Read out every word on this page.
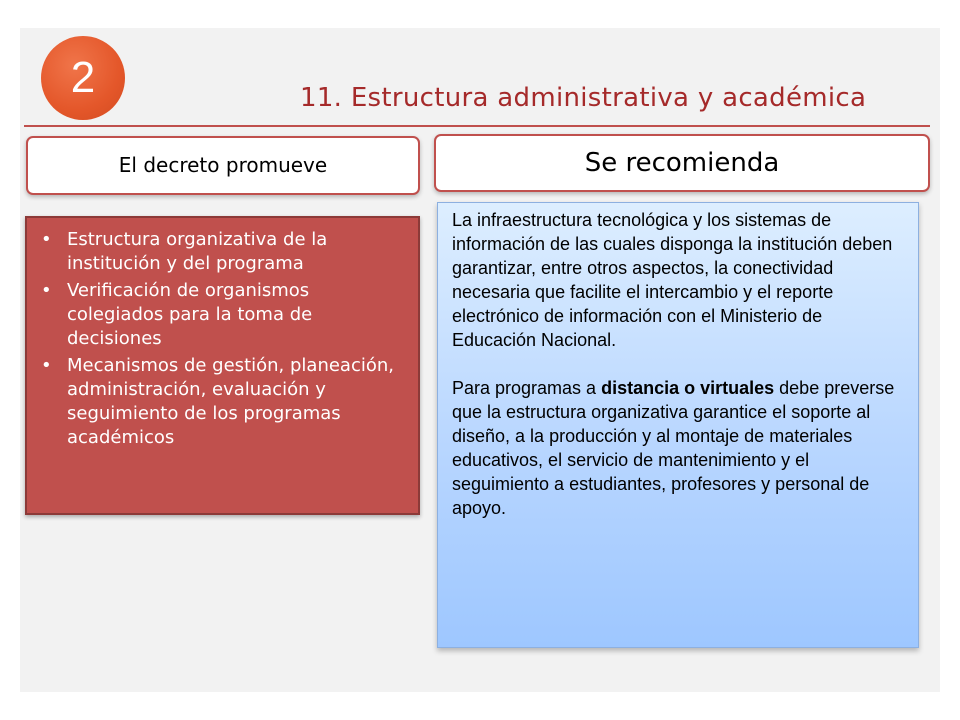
2	11. Estructura administrativa y académica
El decreto promueve	Se recomienda
• Estructura organizativa de la institución y del programa
• Verificación de organismos colegiados para la toma de decisiones
• Mecanismos de gestión, planeación, administración, evaluación y seguimiento de los programas académicos

La infraestructura tecnológica y los sistemas de información de las cuales disponga la institución deben garantizar, entre otros aspectos, la conectividad necesaria que facilite el intercambio y el reporte electrónico de información con el Ministerio de Educación Nacional.

Para programas a distancia o virtuales debe preverse que la estructura organizativa garantice el soporte al diseño, a la producción y al montaje de materiales educativos, el servicio de mantenimiento y el seguimiento a estudiantes, profesores y personal de apoyo.
